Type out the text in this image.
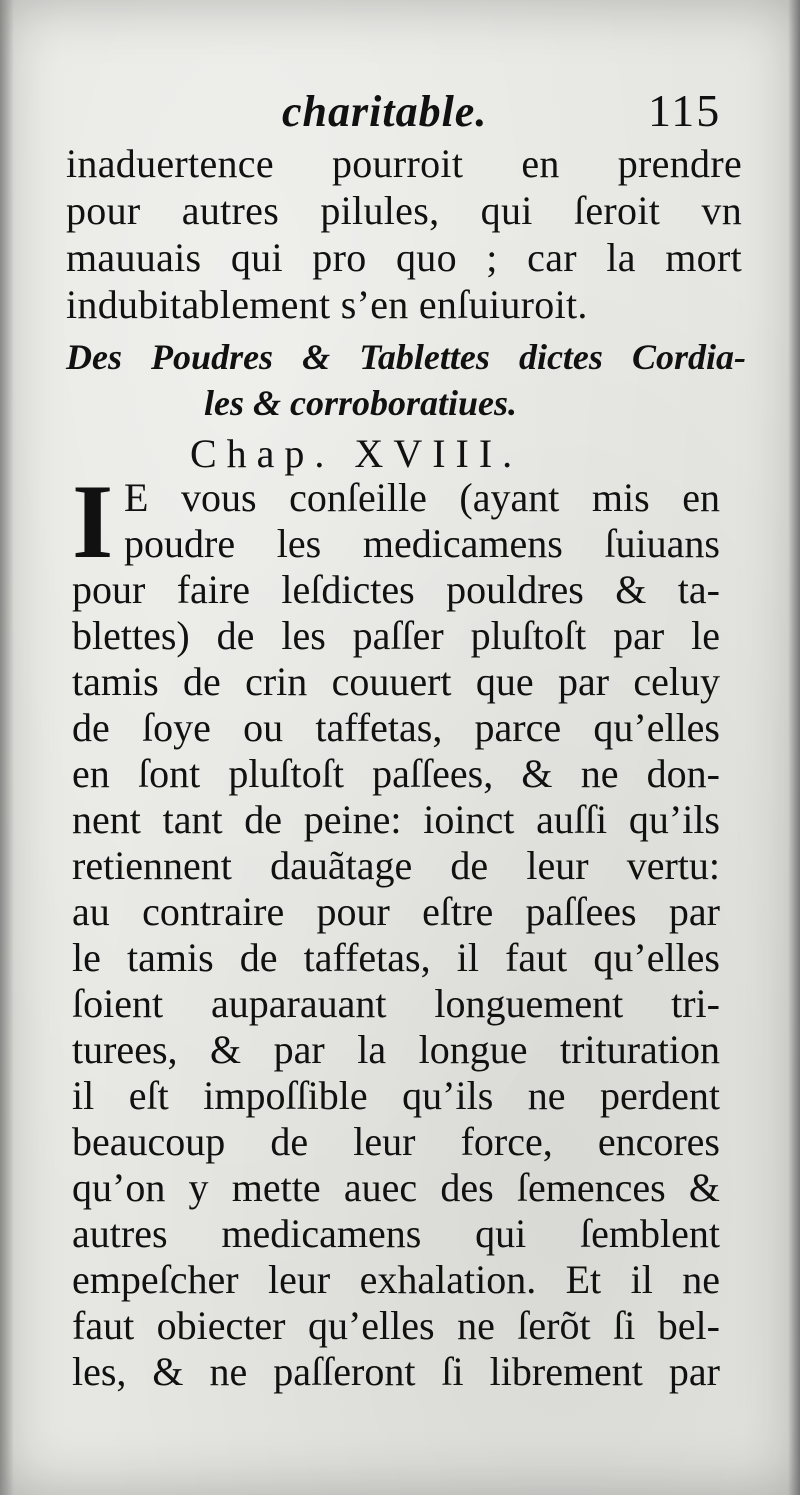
charitable.	115
inaduertence pourroit en prendre
pour autres pilules, qui ſeroit vn
mauuais qui pro quo ; car la mort
indubitablement s’en enſuiuroit.
Des Poudres & Tablettes dictes Cordia-
les & corroboratiues.
Chap. XVIII.
I E vous conſeille (ayant mis en
poudre les medicamens ſuiuans
pour faire leſdictes pouldres & ta-
blettes) de les paſſer pluſtoſt par le
tamis de crin couuert que par celuy
de ſoye ou taffetas, parce qu’elles
en ſont pluſtoſt paſſees, & ne don-
nent tant de peine: ioinct auſſi qu’ils
retiennent dauãtage de leur vertu:
au contraire pour eſtre paſſees par
le tamis de taffetas, il faut qu’elles
ſoient auparauant longuement tri-
turees, & par la longue trituration
il eſt impoſſible qu’ils ne perdent
beaucoup de leur force, encores
qu’on y mette auec des ſemences &
autres medicamens qui ſemblent
empeſcher leur exhalation. Et il ne
faut obiecter qu’elles ne ſerõt ſi bel-
les, & ne paſſeront ſi librement par
